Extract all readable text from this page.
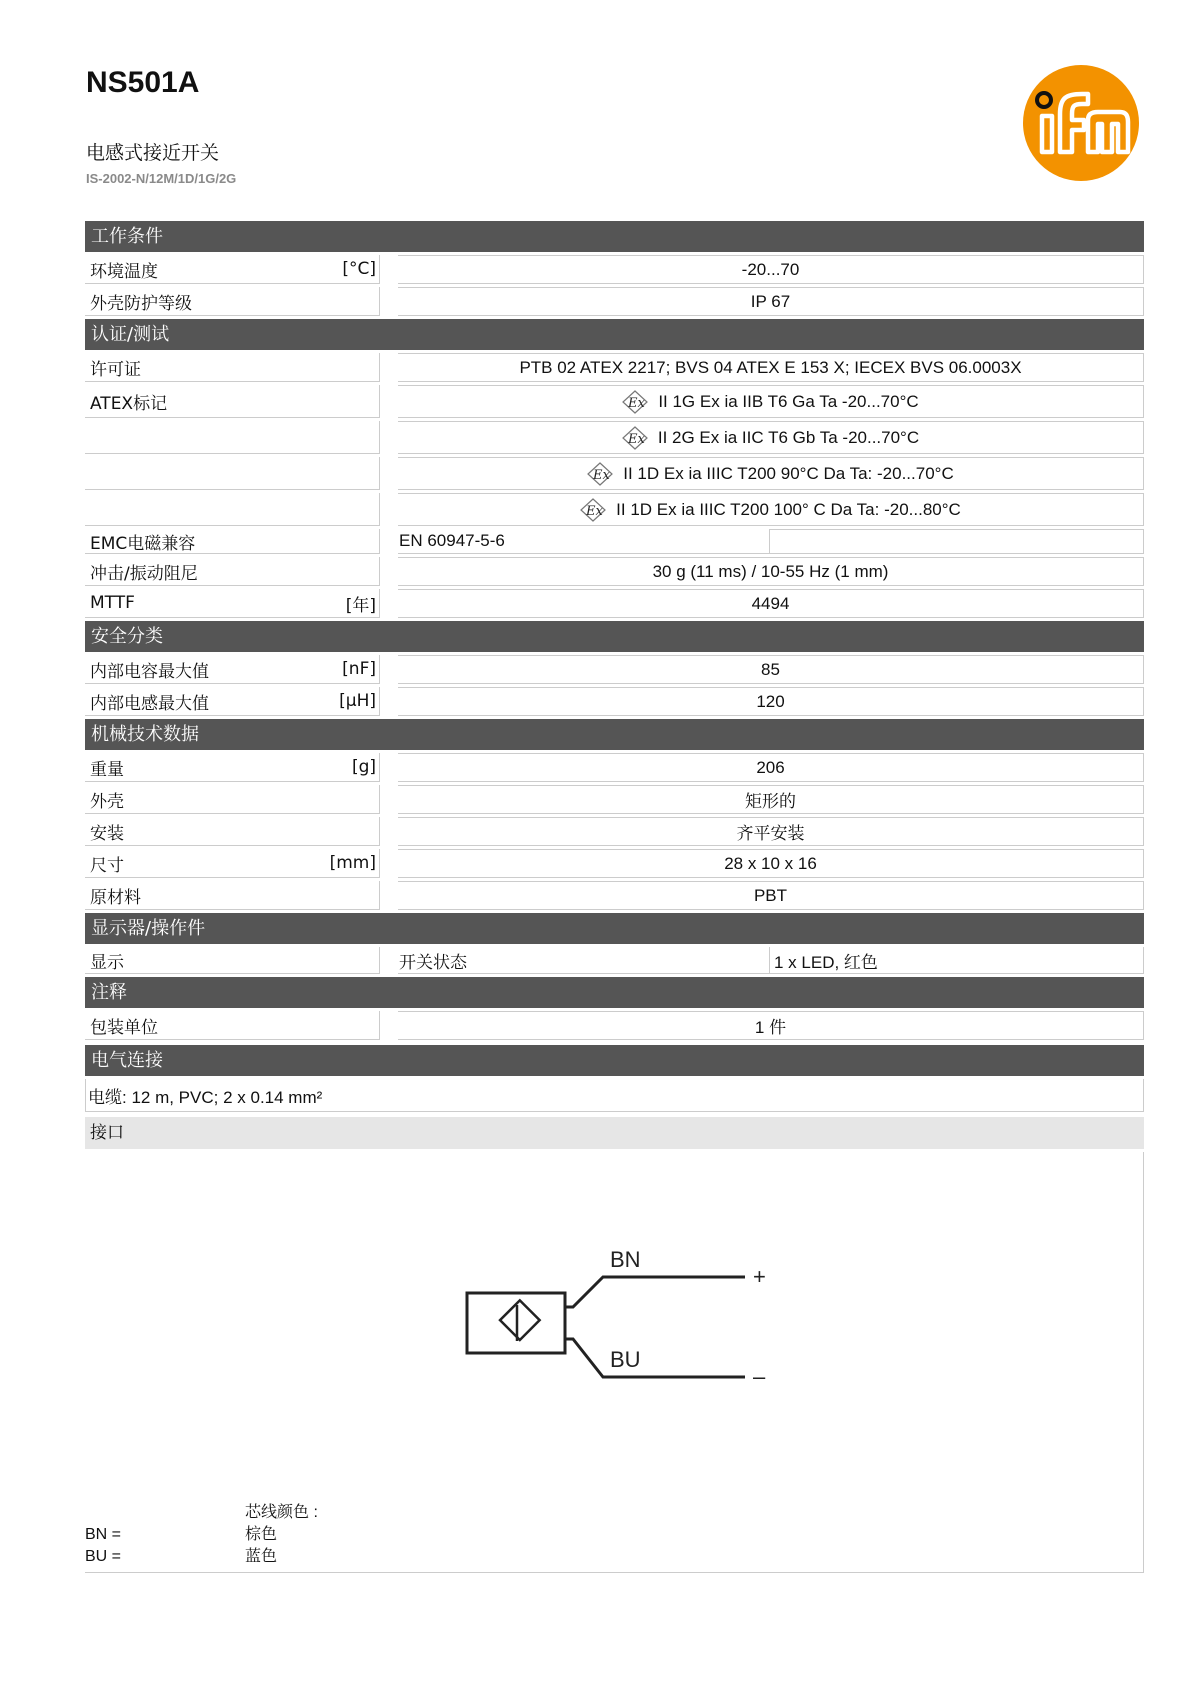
NS501A
电感式接近开关
IS-2002-N/12M/1D/1G/2G
工作条件
环境温度	[°C]	-20...70
外壳防护等级	IP 67
认证/测试
许可证	PTB 02 ATEX 2217; BVS 04 ATEX E 153 X; IECEX BVS 06.0003X
ATEX标记	Ex II 1G Ex ia IIB T6 Ga Ta -20...70°C
Ex II 2G Ex ia IIC T6 Gb Ta -20...70°C
Ex II 1D Ex ia IIIC T200 90°C Da Ta: -20...70°C
Ex II 1D Ex ia IIIC T200 100° C Da Ta: -20...80°C
EMC电磁兼容	EN 60947-5-6
冲击/振动阻尼	30 g (11 ms) / 10-55 Hz (1 mm)
MTTF	[年]	4494
安全分类
内部电容最大值	[nF]	85
内部电感最大值	[μH]	120
机械技术数据
重量	[g]	206
外壳	矩形的
安装	齐平安装
尺寸	[mm]	28 x 10 x 16
原材料	PBT
显示器/操作件
显示	开关状态	1 x LED, 红色
注释
包装单位	1 件
电气连接
电缆: 12 m, PVC; 2 x 0.14 mm²
接口
BN
BU
+
–
芯线颜色 :
BN =	棕色
BU =	蓝色
